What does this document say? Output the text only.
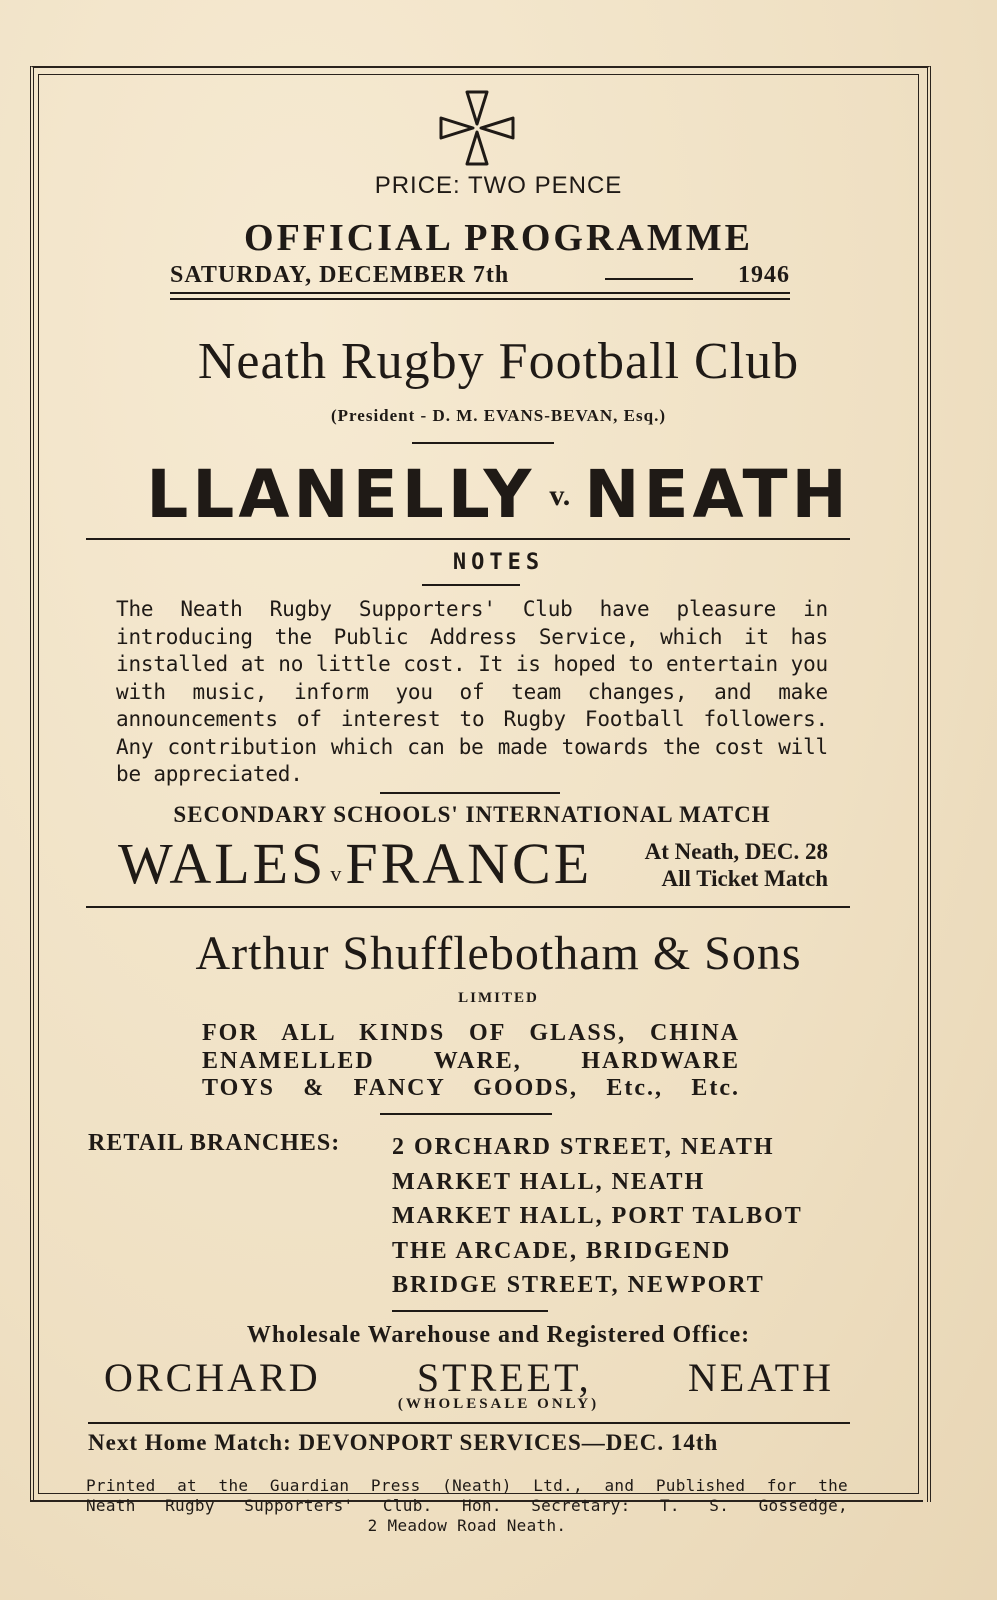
PRICE: TWO PENCE
OFFICIAL PROGRAMME
SATURDAY, DECEMBER 7th	1946
Neath Rugby Football Club
(President - D. M. EVANS-BEVAN, Esq.)
LLANELLY v. NEATH
NOTES
The Neath Rugby Supporters' Club have pleasure in introducing the Public Address Service, which it has installed at no little cost. It is hoped to entertain you with music, inform you of team changes, and make announcements of interest to Rugby Football followers. Any contribution which can be made towards the cost will be appreciated.
SECONDARY SCHOOLS' INTERNATIONAL MATCH
WALES vFRANCE	At Neath, DEC. 28
All Ticket Match
Arthur Shufflebotham & Sons
LIMITED
FOR ALL KINDS OF GLASS, CHINA
ENAMELLED WARE, HARDWARE
TOYS & FANCY GOODS, Etc., Etc.
RETAIL BRANCHES: 2 ORCHARD STREET, NEATH
MARKET HALL, NEATH
MARKET HALL, PORT TALBOT
THE ARCADE, BRIDGEND
BRIDGE STREET, NEWPORT
Wholesale Warehouse and Registered Office:
ORCHARD STREET, NEATH
(WHOLESALE ONLY)
Next Home Match: DEVONPORT SERVICES—DEC. 14th
Printed at the Guardian Press (Neath) Ltd., and Published for the
Neath Rugby Supporters' Club. Hon. Secretary: T. S. Gossedge,
2 Meadow Road Neath.
